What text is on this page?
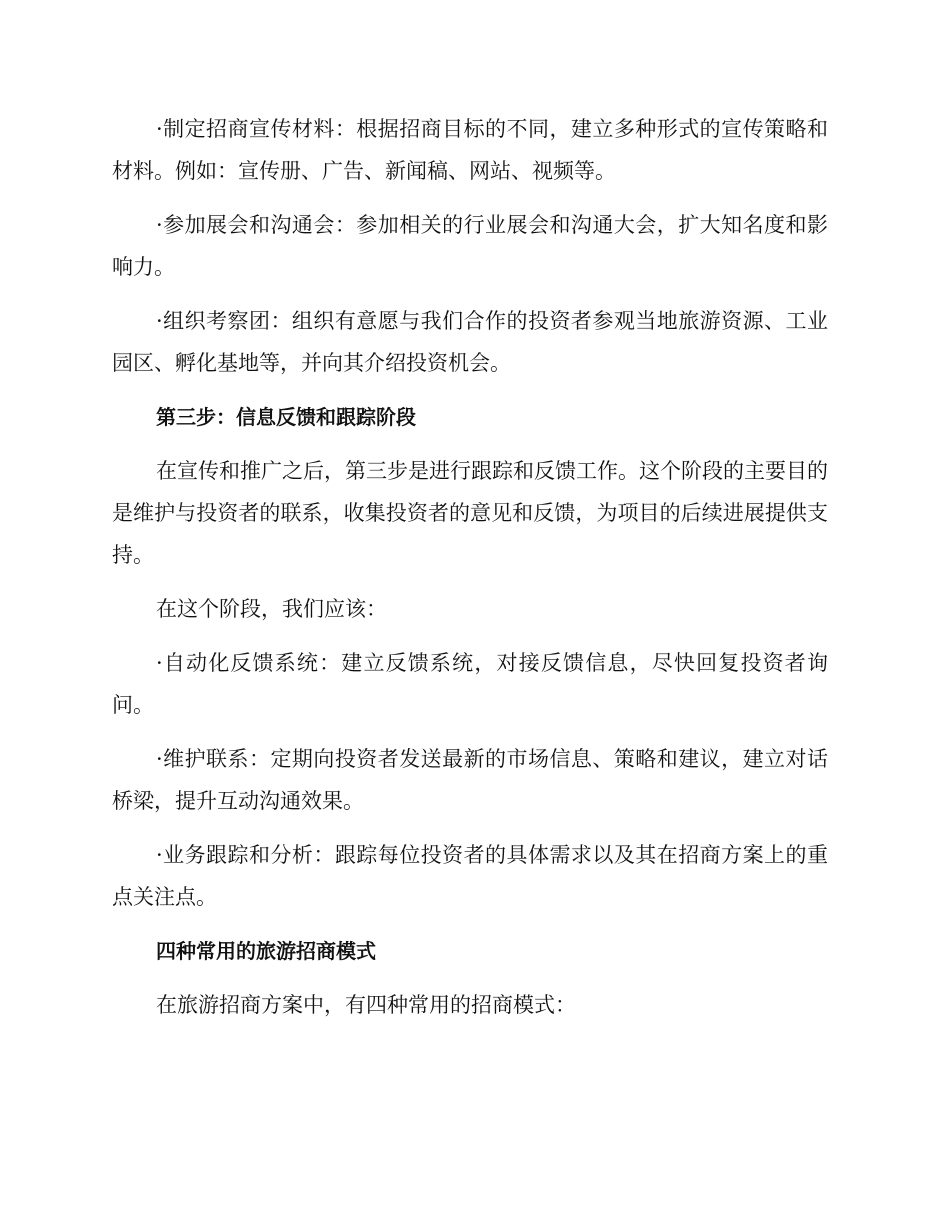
·制定招商宣传材料：根据招商目标的不同，建立多种形式的宣传策略和材料。例如：宣传册、广告、新闻稿、网站、视频等。

·参加展会和沟通会：参加相关的行业展会和沟通大会，扩大知名度和影响力。

·组织考察团：组织有意愿与我们合作的投资者参观当地旅游资源、工业园区、孵化基地等，并向其介绍投资机会。

第三步：信息反馈和跟踪阶段

在宣传和推广之后，第三步是进行跟踪和反馈工作。这个阶段的主要目的是维护与投资者的联系，收集投资者的意见和反馈，为项目的后续进展提供支持。

在这个阶段，我们应该：

·自动化反馈系统：建立反馈系统，对接反馈信息，尽快回复投资者询问。

·维护联系：定期向投资者发送最新的市场信息、策略和建议，建立对话桥梁，提升互动沟通效果。

·业务跟踪和分析：跟踪每位投资者的具体需求以及其在招商方案上的重点关注点。

四种常用的旅游招商模式

在旅游招商方案中，有四种常用的招商模式：
